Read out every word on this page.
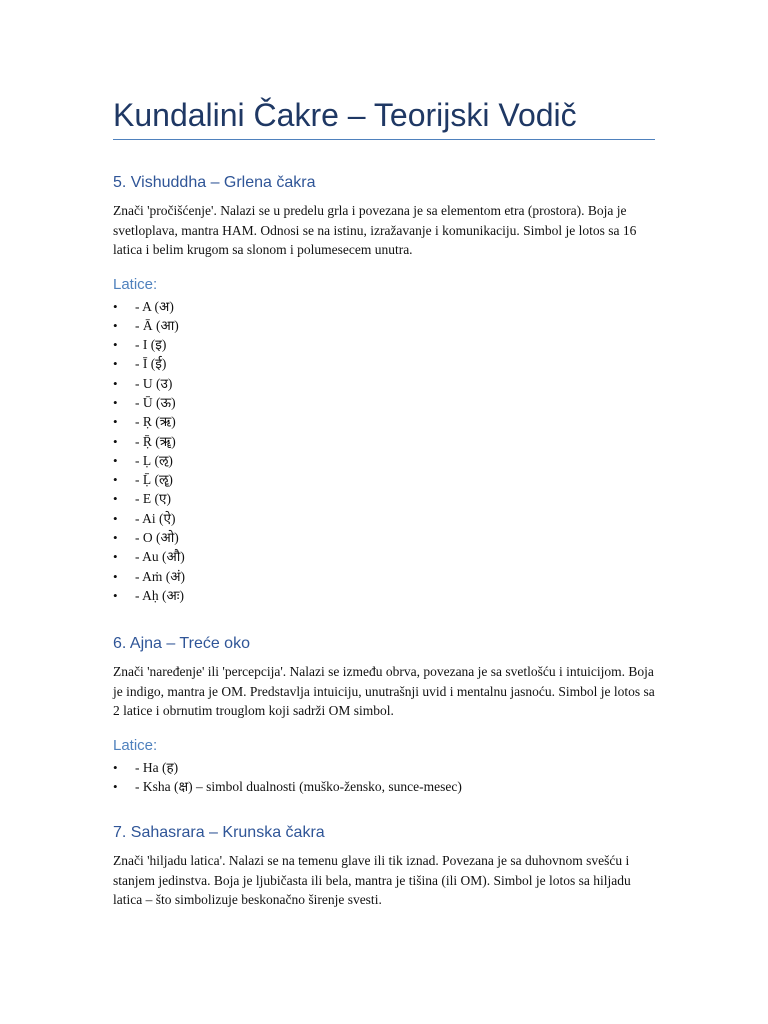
Kundalini Čakre – Teorijski Vodič
5. Vishuddha – Grlena čakra

Znači 'pročišćenje'. Nalazi se u predelu grla i povezana je sa elementom etra (prostora). Boja je svetloplava, mantra HAM. Odnosi se na istinu, izražavanje i komunikaciju. Simbol je lotos sa 16 latica i belim krugom sa slonom i polumesecem unutra.

Latice:
• - A (अ)
• - Ā (आ)
• - I (इ)
• - Ī (ई)
• - U (उ)
• - Ū (ऊ)
• - Ṛ (ऋ)
• - Ṝ (ॠ)
• - Ḷ (ऌ)
• - Ḹ (ॡ)
• - E (ए)
• - Ai (ऐ)
• - O (ओ)
• - Au (औ)
• - Aṁ (अं)
• - Aḥ (अः)
6. Ajna – Treće oko

Znači 'naređenje' ili 'percepcija'. Nalazi se između obrva, povezana je sa svetlošću i intuicijom. Boja je indigo, mantra je OM. Predstavlja intuiciju, unutrašnji uvid i mentalnu jasnoću. Simbol je lotos sa 2 latice i obrnutim trouglom koji sadrži OM simbol.

Latice:
• - Ha (ह)
• - Ksha (क्ष) – simbol dualnosti (muško-žensko, sunce-mesec)
7. Sahasrara – Krunska čakra

Znači 'hiljadu latica'. Nalazi se na temenu glave ili tik iznad. Povezana je sa duhovnom svešću i stanjem jedinstva. Boja je ljubičasta ili bela, mantra je tišina (ili OM). Simbol je lotos sa hiljadu latica – što simbolizuje beskonačno širenje svesti.
